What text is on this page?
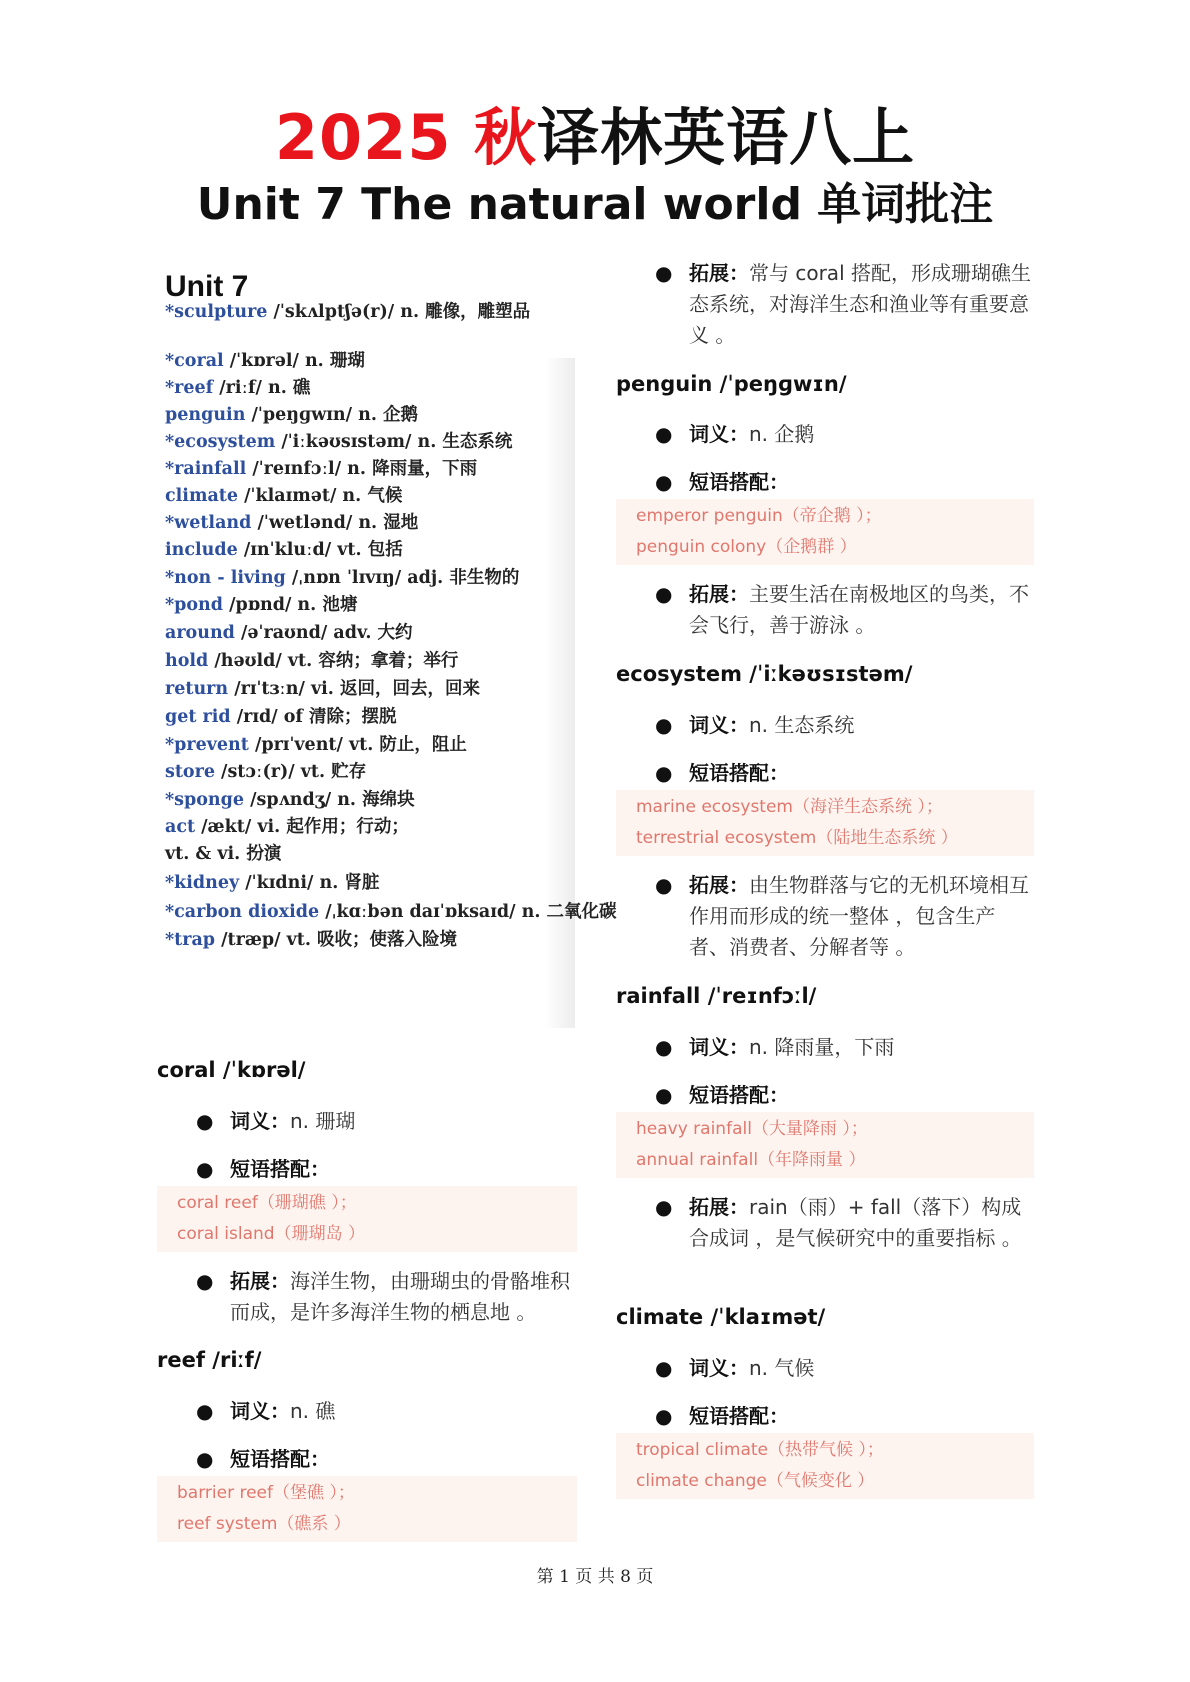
2025 秋译林英语八上
Unit 7 The natural world 单词批注
Unit 7
*sculpture /ˈskʌlptʃə(r)/ n. 雕像，雕塑品
*coral /ˈkɒrəl/ n. 珊瑚
*reef /riːf/ n. 礁
penguin /ˈpeŋɡwɪn/ n. 企鹅
*ecosystem /ˈiːkəʊsɪstəm/ n. 生态系统
*rainfall /ˈreɪnfɔːl/ n. 降雨量，下雨
climate /ˈklaɪmət/ n. 气候
*wetland /ˈwetlənd/ n. 湿地
include /ɪnˈkluːd/ vt. 包括
*non - living /ˌnɒn ˈlɪvɪŋ/ adj. 非生物的
*pond /pɒnd/ n. 池塘
around /əˈraʊnd/ adv. 大约
hold /həʊld/ vt. 容纳；拿着；举行
return /rɪˈtɜːn/ vi. 返回，回去，回来
get rid /rɪd/ of 清除；摆脱
*prevent /prɪˈvent/ vt. 防止，阻止
store /stɔː(r)/ vt. 贮存
*sponge /spʌndʒ/ n. 海绵块
act /ækt/ vi. 起作用；行动；
vt. & vi. 扮演
*kidney /ˈkɪdni/ n. 肾脏
*carbon dioxide /ˌkɑːbən daɪˈɒksaɪd/ n. 二氧化碳
*trap /træp/ vt. 吸收；使落入险境
coral /ˈkɒrəl/
● 词义：n. 珊瑚
● 短语搭配：
coral reef（珊瑚礁 ）；
coral island（珊瑚岛 ）
● 拓展：海洋生物，由珊瑚虫的骨骼堆积而成，是许多海洋生物的栖息地 。
reef /riːf/
● 词义：n. 礁
● 短语搭配：
barrier reef（堡礁 ）；
reef system（礁系 ）
● 拓展：常与 coral 搭配，形成珊瑚礁生态系统，对海洋生态和渔业等有重要意义 。
penguin /ˈpeŋɡwɪn/
● 词义：n. 企鹅
● 短语搭配：
emperor penguin（帝企鹅 ）；
penguin colony（企鹅群 ）
● 拓展：主要生活在南极地区的鸟类，不会飞行，善于游泳 。
ecosystem /ˈiːkəʊsɪstəm/
● 词义：n. 生态系统
● 短语搭配：
marine ecosystem（海洋生态系统 ）；
terrestrial ecosystem（陆地生态系统 ）
● 拓展：由生物群落与它的无机环境相互作用而形成的统一整体 ，包含生产者、消费者、分解者等 。
rainfall /ˈreɪnfɔːl/
● 词义：n. 降雨量，下雨
● 短语搭配：
heavy rainfall（大量降雨 ）；
annual rainfall（年降雨量 ）
● 拓展：rain（雨）+ fall（落下）构成合成词 ，是气候研究中的重要指标 。
climate /ˈklaɪmət/
● 词义：n. 气候
● 短语搭配：
tropical climate（热带气候 ）；
climate change（气候变化 ）
第 1 页 共 8 页
